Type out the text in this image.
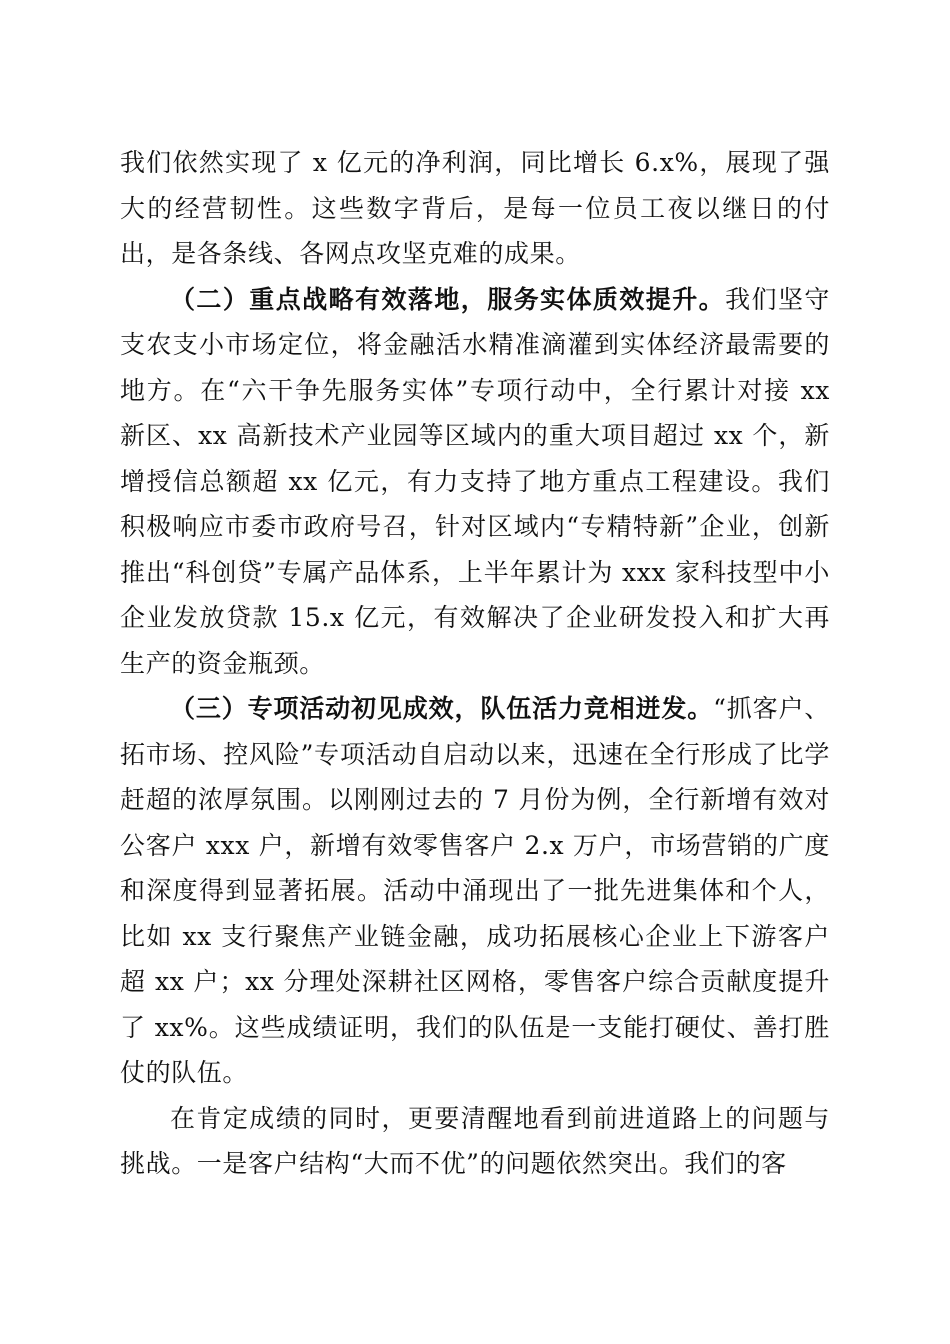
我们依然实现了 x 亿元的净利润，同比增长 6.x%，展现了强大的经营韧性。这些数字背后，是每一位员工夜以继日的付出，是各条线、各网点攻坚克难的成果。

（二）重点战略有效落地，服务实体质效提升。我们坚守支农支小市场定位，将金融活水精准滴灌到实体经济最需要的地方。在“六干争先服务实体”专项行动中，全行累计对接 xx 新区、xx 高新技术产业园等区域内的重大项目超过 xx 个，新增授信总额超 xx 亿元，有力支持了地方重点工程建设。我们积极响应市委市政府号召，针对区域内“专精特新”企业，创新推出“科创贷”专属产品体系，上半年累计为 xxx 家科技型中小企业发放贷款 15.x 亿元，有效解决了企业研发投入和扩大再生产的资金瓶颈。

（三）专项活动初见成效，队伍活力竞相迸发。“抓客户、拓市场、控风险”专项活动自启动以来，迅速在全行形成了比学赶超的浓厚氛围。以刚刚过去的 7 月份为例，全行新增有效对公客户 xxx 户，新增有效零售客户 2.x 万户，市场营销的广度和深度得到显著拓展。活动中涌现出了一批先进集体和个人，比如 xx 支行聚焦产业链金融，成功拓展核心企业上下游客户超 xx 户；xx 分理处深耕社区网格，零售客户综合贡献度提升了 xx%。这些成绩证明，我们的队伍是一支能打硬仗、善打胜仗的队伍。

在肯定成绩的同时，更要清醒地看到前进道路上的问题与挑战。一是客户结构“大而不优”的问题依然突出。我们的客
